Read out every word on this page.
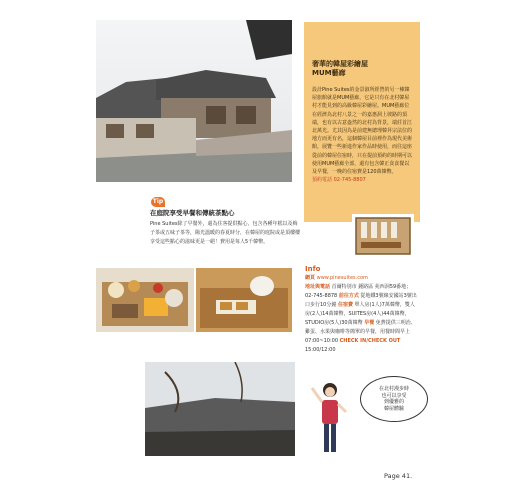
奢華的韓屋彩繪屋
MUM藝廊
設計Pine Suites的金景淑所經營的另一棟韓屋旅館就是MUM藝廊，它是只有在北村韓屋村才能見到的高級韓屋彩繪屋。MUM藝廊位在經濟為北村八景之一的嘉惠洞上坡路的頂端，也有以古意盎然的北村為背景，端莊首江北萬光。尤其因為是前建無總理韓昇宗法位的地方而更有名，這個韓屋目前裡作為現代美術館，展覽一些新進作家作品時使用，而往這座從前的韓屋住宿時，只在提前預約的時期可以使用MUM藝廊全部，還有包含韓正食食餐以及早餐，一晚的住宿費是120萬韓幣。
預約電話 02-745-8807
Tip
在庭院享受早餐和傳統茶點心
Pine Suites除了早餐外，還為住客提供點心，包含各種年糕以及梅子茶或五味子茶等，陽光溫暖的春夏時分，在韓屋的庭院或是頂樓樓享受這些點心的滋味更是一絕！費用是每人5千韓幣。
Info
網頁 www.pinesuites.com
地址與電話 首爾特別市 鍾路區 苑西洞59番地；02-745-8878 前往方式 從地鐵3號線安國站3號出口步行10分鐘 住宿費 單人房(1人)7萬韓幣，雙人房(2人)14萬韓幣，SUITES房(4人)44萬韓幣，STUDIO房(5人)30萬韓幣 早餐 免費提供三明治、雞蛋、水果與咖啡等簡單的早餐，用餐時間早上07:00~10:00 CHECK IN/CHECK OUT 15:00/12:00
在北村漫步時
也可以享受
到優雅的
韓屋體驗
Page 41.
